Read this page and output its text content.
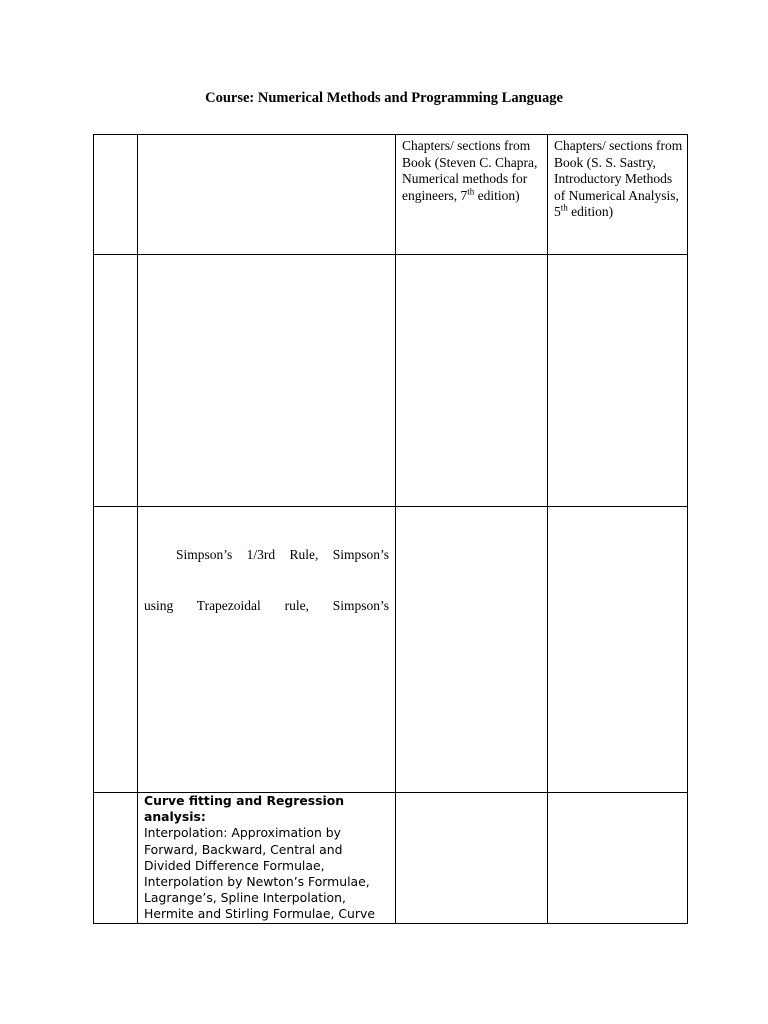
Course: Numerical Methods and Programming Language

		Chapters/ sections from Book (Steven C. Chapra, Numerical methods for engineers, 7th edition)	Chapters/ sections from Book (S. S. Sastry, Introductory Methods of Numerical Analysis, 5th edition)

	Simpson’s 1/3rd Rule, Simpson’s
using Trapezoidal rule, Simpson’s		

	Curve fitting and Regression analysis:
Interpolation: Approximation by Forward, Backward, Central and Divided Difference Formulae, Interpolation by Newton’s Formulae, Lagrange’s, Spline Interpolation, Hermite and Stirling Formulae, Curve		
